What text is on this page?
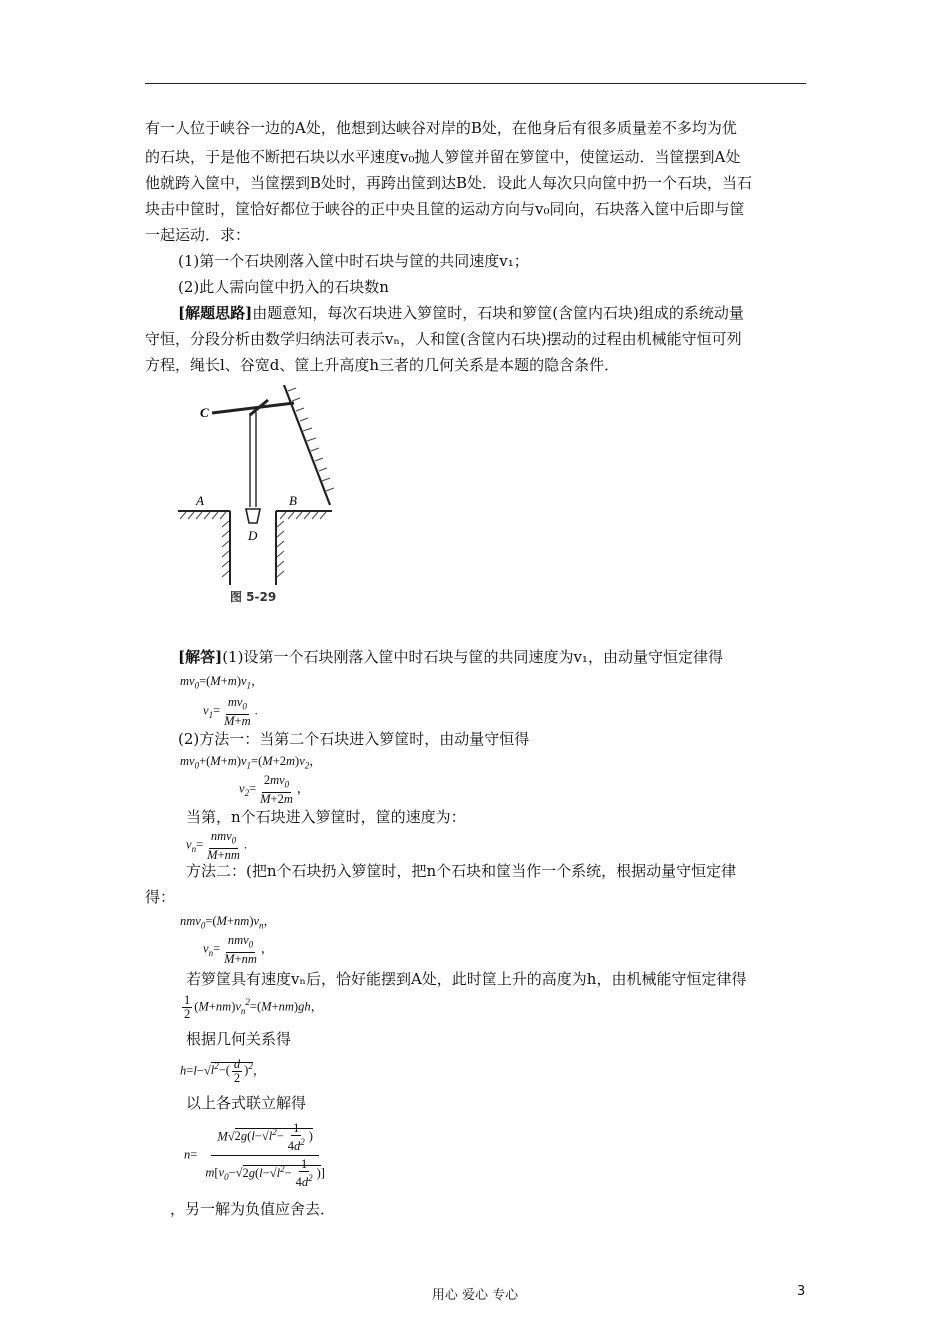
有一人位于峡谷一边的A处，他想到达峡谷对岸的B处，在他身后有很多质量差不多均为优
的石块，于是他不断把石块以水平速度v₀抛人箩筐并留在箩筐中，使筐运动．当筐摆到A处
他就跨入筐中，当筐摆到B处时，再跨出筐到达B处．设此人每次只向筐中扔一个石块，当石
块击中筐时，筐恰好都位于峡谷的正中央且筐的运动方向与v₀同向，石块落入筐中后即与筐
一起运动．求：
(1)第一个石块刚落入筐中时石块与筐的共同速度v₁；
(2)此人需向筐中扔入的石块数n
[解题思路]由题意知，每次石块进入箩筐时，石块和箩筐(含筐内石块)组成的系统动量
守恒，分段分析由数学归纳法可表示vₙ，人和筐(含筐内石块)摆动的过程由机械能守恒可列
方程，绳长l、谷宽d、筐上升高度h三者的几何关系是本题的隐含条件．
C
A	B
D
图 5-29
[解答](1)设第一个石块刚落入筐中时石块与筐的共同速度为v₁，由动量守恒定律得
$mv_0=(M+m)v_1$，
$v_1= \frac{mv_0}{M+m}$ .
(2)方法一：当第二个石块进入箩筐时，由动量守恒得
$mv_0+(M+m)v_1=(M+2m)v_2$，
$v_2= \frac{2mv_0}{M+2m}$ ，
当第，n个石块进入箩筐时，筐的速度为：
$v_n= \frac{nmv_0}{M+nm}$ .
方法二：(把n个石块扔入箩筐时，把n个石块和筐当作一个系统，根据动量守恒定律
得：
$nmv_0=(M+nm)v_n$，
$v_n= \frac{nmv_0}{M+nm}$ ，
若箩筐具有速度vₙ后，恰好能摆到A处，此时筐上升的高度为h，由机械能守恒定律得
$\frac{1}{2} (M+nm)v_n^2=(M+nm)gh$，
根据几何关系得
$h=l-√l^2-( \frac{d}{2} )^2$，
以上各式联立解得
$n= \frac{M√2g(l-√l^2- \frac{1}{4d^2} )}{m[v_0-√2g(l-√l^2- \frac{1}{4d^2} )]}$
，另一解为负值应舍去．
用心 爱心 专心	3
